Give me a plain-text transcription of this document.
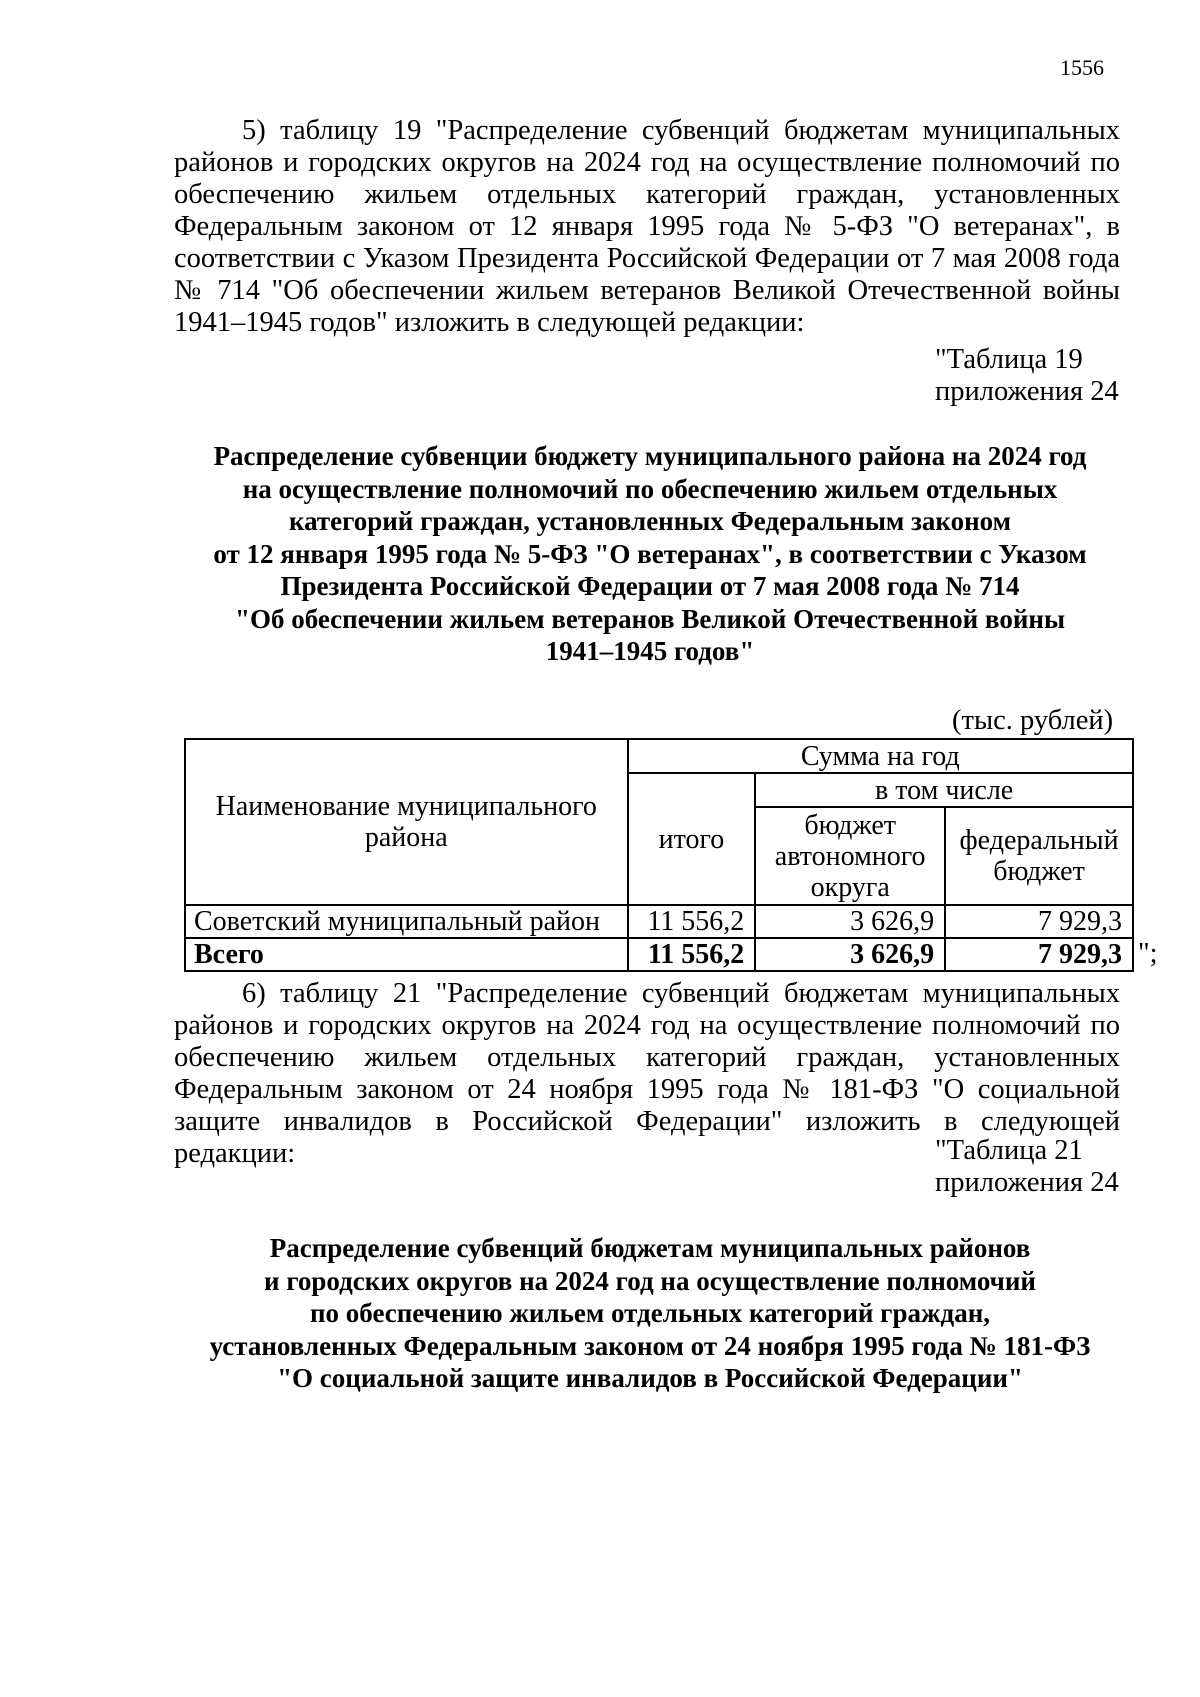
1556

5) таблицу 19 "Распределение субвенций бюджетам муниципальных районов и городских округов на 2024 год на осуществление полномочий по обеспечению жильем отдельных категорий граждан, установленных Федеральным законом от 12 января 1995 года № 5-ФЗ "О ветеранах", в соответствии с Указом Президента Российской Федерации от 7 мая 2008 года № 714 "Об обеспечении жильем ветеранов Великой Отечественной войны 1941–1945 годов" изложить в следующей редакции:

"Таблица 19
приложения 24
Распределение субвенции бюджету муниципального района на 2024 год
на осуществление полномочий по обеспечению жильем отдельных
категорий граждан, установленных Федеральным законом
от 12 января 1995 года № 5-ФЗ "О ветеранах", в соответствии с Указом
Президента Российской Федерации от 7 мая 2008 года № 714
"Об обеспечении жильем ветеранов Великой Отечественной войны
1941–1945 годов"
(тыс. рублей)
Наименование муниципального района	Сумма на год		
	итого	в том числе	
		бюджет автономного округа	федеральный бюджет
Советский муниципальный район	11 556,2	3 626,9	7 929,3
Всего	11 556,2	3 626,9	7 929,3 ";

6) таблицу 21 "Распределение субвенций бюджетам муниципальных районов и городских округов на 2024 год на осуществление полномочий по обеспечению жильем отдельных категорий граждан, установленных Федеральным законом от 24 ноября 1995 года № 181-ФЗ "О социальной защите инвалидов в Российской Федерации" изложить в следующей редакции:	"Таблица 21
приложения 24
Распределение субвенций бюджетам муниципальных районов
и городских округов на 2024 год на осуществление полномочий
по обеспечению жильем отдельных категорий граждан,
установленных Федеральным законом от 24 ноября 1995 года № 181-ФЗ
"О социальной защите инвалидов в Российской Федерации"
